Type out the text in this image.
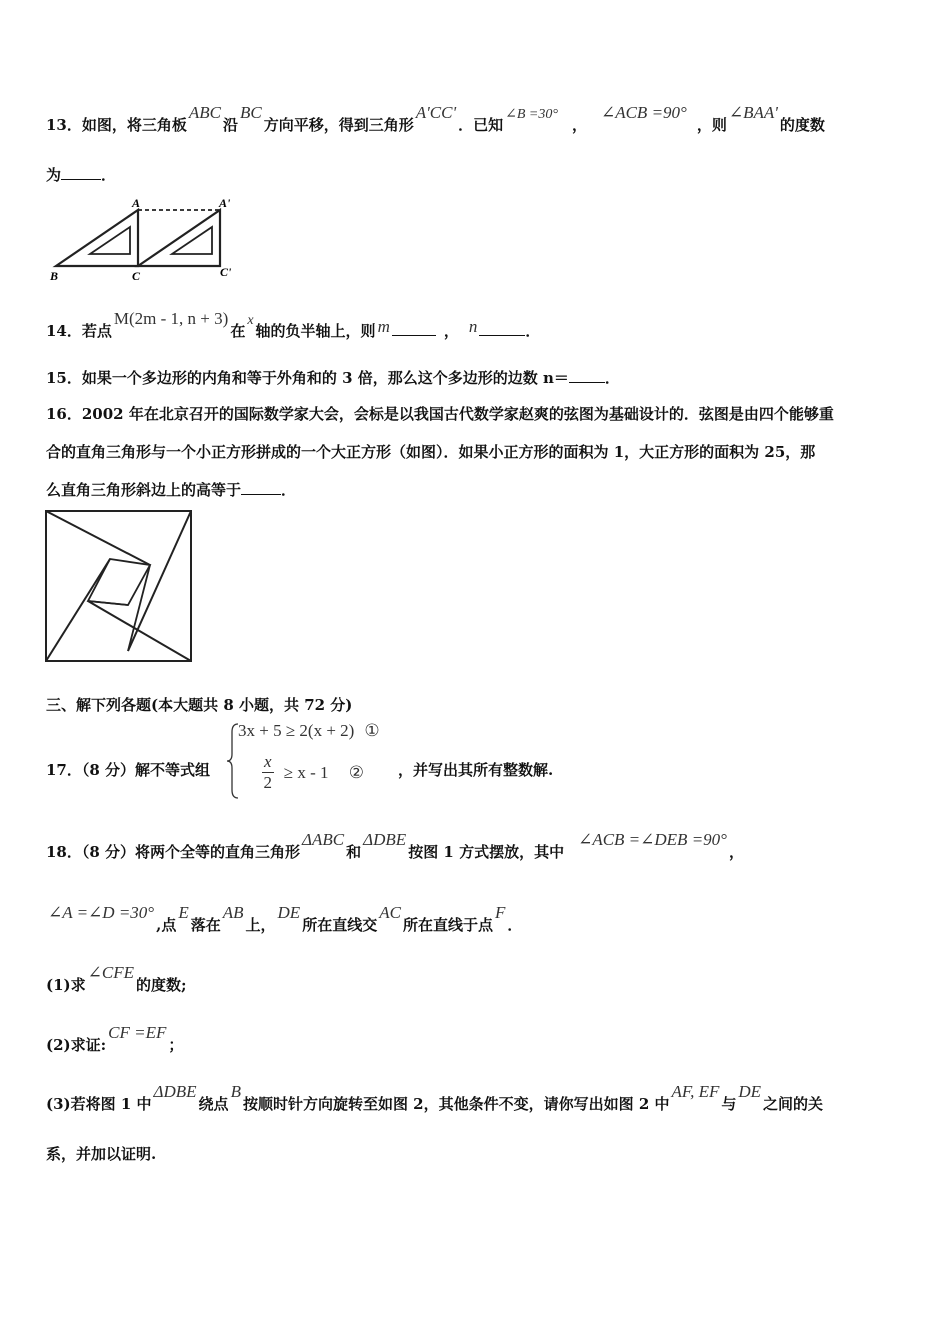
13．如图，将三角板ABC沿BC方向平移，得到三角形A'CC'．已知∠B =30°，∠ACB =90°，则∠BAA'的度数
为	．
A	A'
B	C	C'
14．若点M(2m - 1, n + 3)在x轴的负半轴上，则 m	， n	．
15．如果一个多边形的内角和等于外角和的 3 倍，那么这个多边形的边数 n＝ ．
16．2002 年在北京召开的国际数学家大会，会标是以我国古代数学家赵爽的弦图为基础设计的．弦图是由四个能够重
合的直角三角形与一个小正方形拼成的一个大正方形（如图）．如果小正方形的面积为 1，大正方形的面积为 25，那
么直角三角形斜边上的高等于	．
三、解下列各题(本大题共 8 小题，共 72 分)
17．（8 分）解不等式组
3x + 5 ≥ 2(x + 2) ①
$\frac{x}{2} \ge x - 1$ ② ，并写出其所有整数解.
18．（8 分）将两个全等的直角三角形ΔABC和ΔDBE按图 1 方式摆放，其中∠ACB =∠DEB =90°，
∠A =∠D =30°,点E落在AB上，DE所在直线交AC所在直线于点F．
(1)求∠CFE的度数;
(2)求证:CF =EF；
(3)若将图 1 中ΔDBE绕点B按顺时针方向旋转至如图 2，其他条件不变，请你写出如图 2 中AF, EF与DE之间的关
系，并加以证明.
